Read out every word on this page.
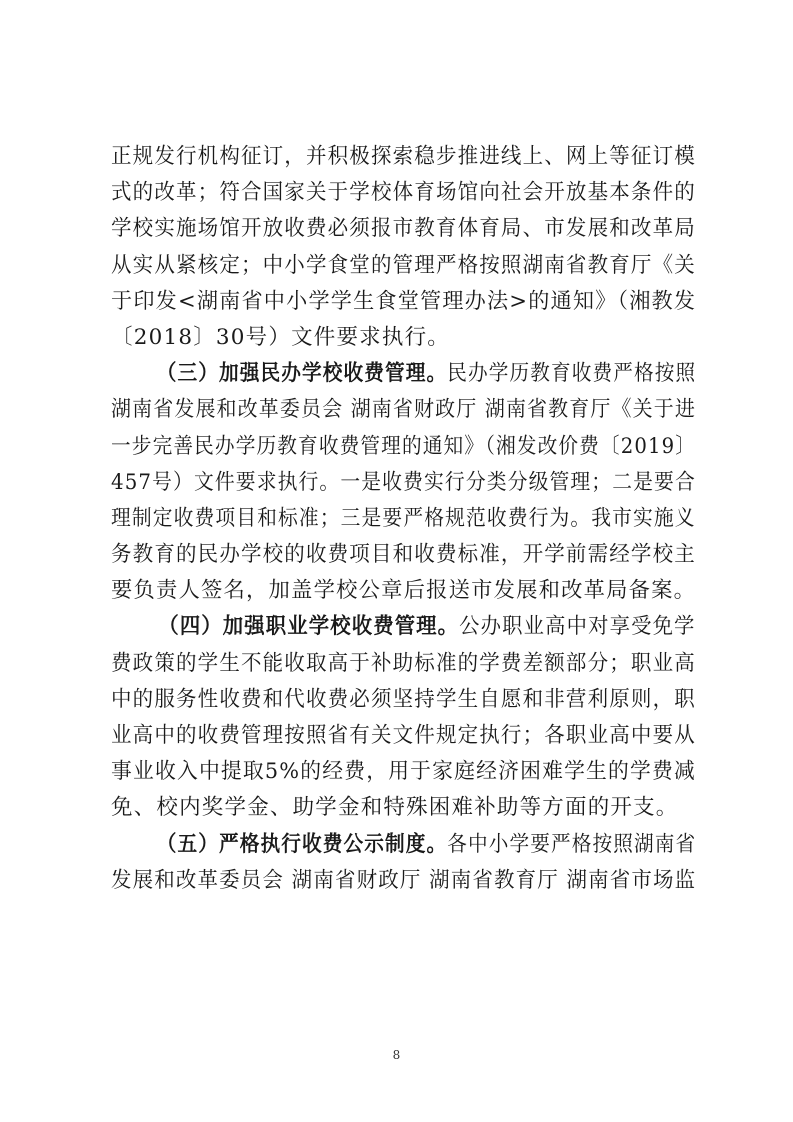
正规发行机构征订，并积极探索稳步推进线上、网上等征订模
式的改革；符合国家关于学校体育场馆向社会开放基本条件的
学校实施场馆开放收费必须报市教育体育局、市发展和改革局
从实从紧核定；中小学食堂的管理严格按照湖南省教育厅《关
于印发<湖南省中小学学生食堂管理办法>的通知》（湘教发
〔2018〕30号）文件要求执行。
（三）加强民办学校收费管理。民办学历教育收费严格按照
湖南省发展和改革委员会 湖南省财政厅 湖南省教育厅《关于进
一步完善民办学历教育收费管理的通知》（湘发改价费〔2019〕
457号）文件要求执行。一是收费实行分类分级管理；二是要合
理制定收费项目和标准；三是要严格规范收费行为。我市实施义
务教育的民办学校的收费项目和收费标准，开学前需经学校主
要负责人签名，加盖学校公章后报送市发展和改革局备案。
（四）加强职业学校收费管理。公办职业高中对享受免学
费政策的学生不能收取高于补助标准的学费差额部分；职业高
中的服务性收费和代收费必须坚持学生自愿和非营利原则，职
业高中的收费管理按照省有关文件规定执行；各职业高中要从
事业收入中提取5%的经费，用于家庭经济困难学生的学费减
免、校内奖学金、助学金和特殊困难补助等方面的开支。
（五）严格执行收费公示制度。各中小学要严格按照湖南省
发展和改革委员会 湖南省财政厅 湖南省教育厅 湖南省市场监
8
